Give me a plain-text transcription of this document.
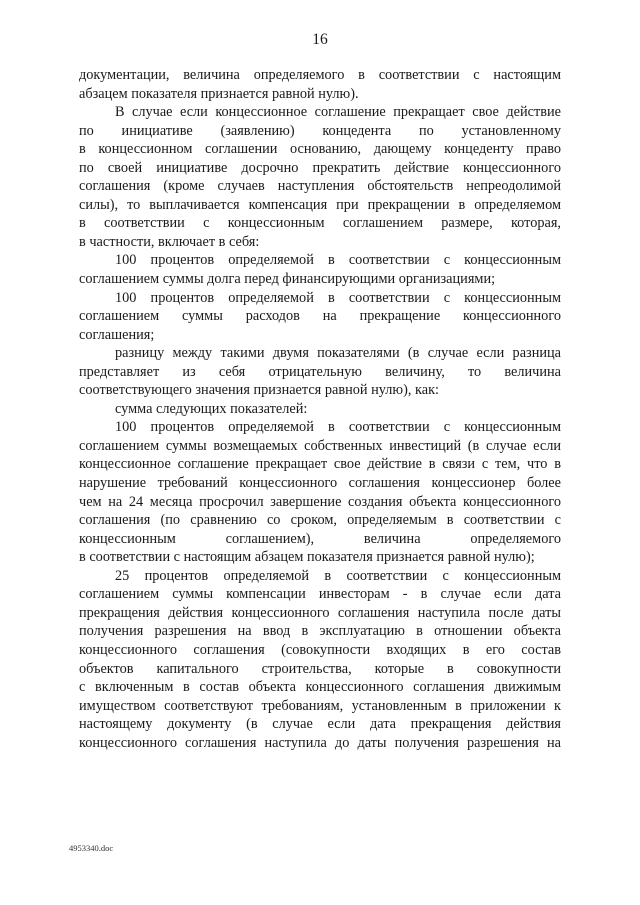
16
документации, величина определяемого в соответствии с настоящим
абзацем показателя признается равной нулю).
В случае если концессионное соглашение прекращает свое действие
по инициативе (заявлению) концедента по установленному
в концессионном соглашении основанию, дающему концеденту право
по своей инициативе досрочно прекратить действие концессионного
соглашения (кроме случаев наступления обстоятельств непреодолимой
силы), то выплачивается компенсация при прекращении в определяемом
в соответствии с концессионным соглашением размере, которая,
в частности, включает в себя:
100 процентов определяемой в соответствии с концессионным
соглашением суммы долга перед финансирующими организациями;
100 процентов определяемой в соответствии с концессионным
соглашением суммы расходов на прекращение концессионного
соглашения;
разницу между такими двумя показателями (в случае если разница
представляет из себя отрицательную величину, то величина
соответствующего значения признается равной нулю), как:
сумма следующих показателей:
100 процентов определяемой в соответствии с концессионным
соглашением суммы возмещаемых собственных инвестиций (в случае если
концессионное соглашение прекращает свое действие в связи с тем, что в
нарушение требований концессионного соглашения концессионер более
чем на 24 месяца просрочил завершение создания объекта концессионного
соглашения (по сравнению со сроком, определяемым в соответствии с
концессионным соглашением), величина определяемого
в соответствии с настоящим абзацем показателя признается равной нулю);
25 процентов определяемой в соответствии с концессионным
соглашением суммы компенсации инвесторам - в случае если дата
прекращения действия концессионного соглашения наступила после даты
получения разрешения на ввод в эксплуатацию в отношении объекта
концессионного соглашения (совокупности входящих в его состав
объектов капитального строительства, которые в совокупности
с включенным в состав объекта концессионного соглашения движимым
имуществом соответствуют требованиям, установленным в приложении к
настоящему документу (в случае если дата прекращения действия
концессионного соглашения наступила до даты получения разрешения на
4953340.doc
